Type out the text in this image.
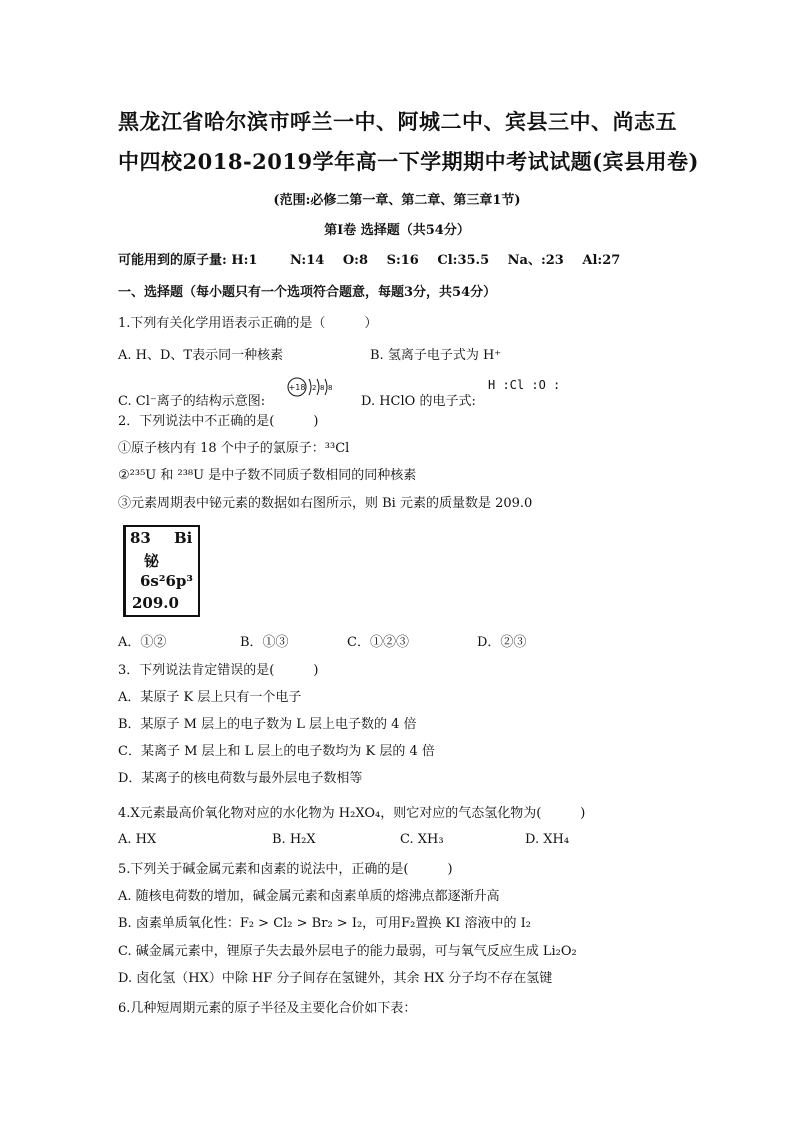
黑龙江省哈尔滨市呼兰一中、阿城二中、宾县三中、尚志五
中四校2018-2019学年高一下学期期中考试试题(宾县用卷)
(范围:必修二第一章、第二章、第三章1节)
第Ⅰ卷 选择题（共54分）
可能用到的原子量: H:1	N:14 O:8 S:16 Cl:35.5 Na、:23 Al:27
一、选择题（每小题只有一个选项符合题意，每题3分，共54分）
1.下列有关化学用语表示正确的是（　　　）
A. H、D、T表示同一种核素	B. 氢离子电子式为 H⁺
C. Cl⁻离子的结构示意图:
+18 2 8 8
D. HClO 的电子式:
H :Cl :O :
2．下列说法中不正确的是(　　　)
①原子核内有 18 个中子的氯原子：³³Cl
②²³⁵U 和 ²³⁸U 是中子数不同质子数相同的同种核素
③元素周期表中铋元素的数据如右图所示，则 Bi 元素的质量数是 209.0
83 Bi
铋
6s²6p³
209.0
A．①②	B．①③	C．①②③	D．②③
3．下列说法肯定错误的是(　　　)
A．某原子 K 层上只有一个电子
B．某原子 M 层上的电子数为 L 层上电子数的 4 倍
C．某离子 M 层上和 L 层上的电子数均为 K 层的 4 倍
D．某离子的核电荷数与最外层电子数相等
4.X元素最高价氧化物对应的水化物为 H₂XO₄，则它对应的气态氢化物为(　　　)
A. HX	B. H₂X	C. XH₃	D. XH₄
5.下列关于碱金属元素和卤素的说法中，正确的是(　　　)
A. 随核电荷数的增加，碱金属元素和卤素单质的熔沸点都逐渐升高
B. 卤素单质氧化性：F₂ > Cl₂ > Br₂ > I₂，可用F₂置换 KI 溶液中的 I₂
C. 碱金属元素中，锂原子失去最外层电子的能力最弱，可与氧气反应生成 Li₂O₂
D. 卤化氢（HX）中除 HF 分子间存在氢键外，其余 HX 分子均不存在氢键
6.几种短周期元素的原子半径及主要化合价如下表：
